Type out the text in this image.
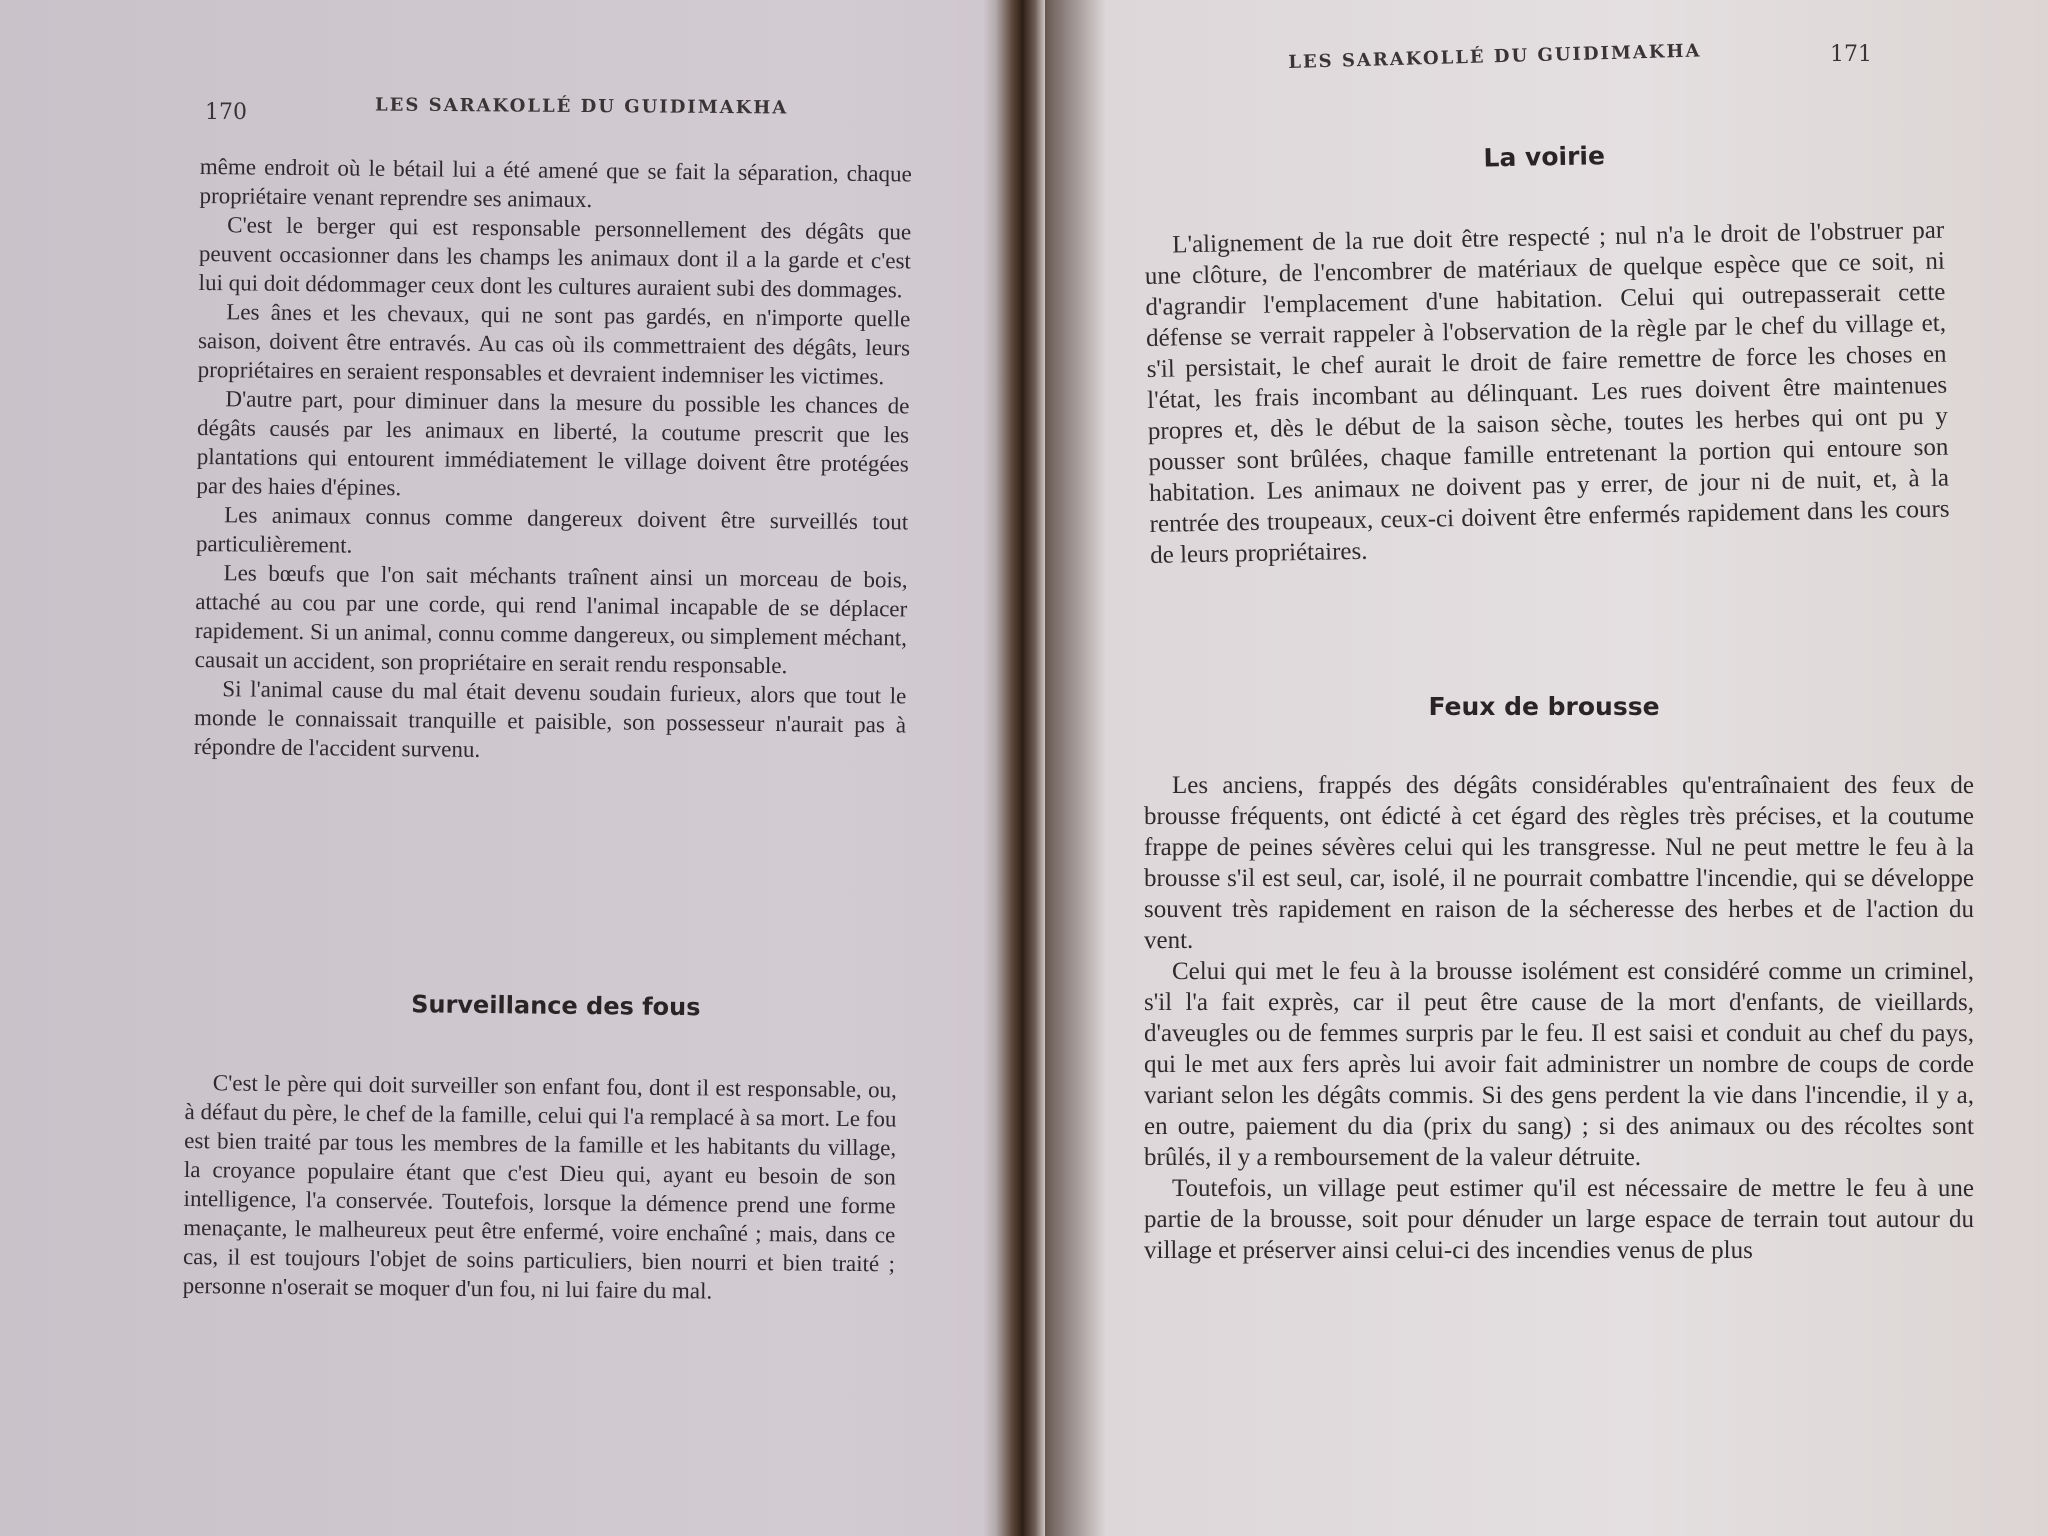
170	LES SARAKOLLÉ DU GUIDIMAKHA

même endroit où le bétail lui a été amené que se fait la séparation, chaque propriétaire venant reprendre ses animaux.

C'est le berger qui est responsable personnellement des dégâts que peuvent occasionner dans les champs les animaux dont il a la garde et c'est lui qui doit dédommager ceux dont les cultures auraient subi des dommages.

Les ânes et les chevaux, qui ne sont pas gardés, en n'importe quelle saison, doivent être entravés. Au cas où ils commettraient des dégâts, leurs propriétaires en seraient responsables et devraient indemniser les victimes.

D'autre part, pour diminuer dans la mesure du possible les chances de dégâts causés par les animaux en liberté, la coutume prescrit que les plantations qui entourent immédiatement le village doivent être protégées par des haies d'épines.

Les animaux connus comme dangereux doivent être surveillés tout particulièrement.

Les bœufs que l'on sait méchants traînent ainsi un morceau de bois, attaché au cou par une corde, qui rend l'animal incapable de se déplacer rapidement. Si un animal, connu comme dangereux, ou simplement méchant, causait un accident, son propriétaire en serait rendu responsable.

Si l'animal cause du mal était devenu soudain furieux, alors que tout le monde le connaissait tranquille et paisible, son possesseur n'aurait pas à répondre de l'accident survenu.

Surveillance des fous

C'est le père qui doit surveiller son enfant fou, dont il est responsable, ou, à défaut du père, le chef de la famille, celui qui l'a remplacé à sa mort. Le fou est bien traité par tous les membres de la famille et les habitants du village, la croyance populaire étant que c'est Dieu qui, ayant eu besoin de son intelligence, l'a conservée. Toutefois, lorsque la démence prend une forme menaçante, le malheureux peut être enfermé, voire enchaîné ; mais, dans ce cas, il est toujours l'objet de soins particuliers, bien nourri et bien traité ; personne n'oserait se moquer d'un fou, ni lui faire du mal.

LES SARAKOLLÉ DU GUIDIMAKHA	171
La voirie

L'alignement de la rue doit être respecté ; nul n'a le droit de l'obstruer par une clôture, de l'encombrer de matériaux de quelque espèce que ce soit, ni d'agrandir l'emplacement d'une habitation. Celui qui outrepasserait cette défense se verrait rappeler à l'observation de la règle par le chef du village et, s'il persistait, le chef aurait le droit de faire remettre de force les choses en l'état, les frais incombant au délinquant. Les rues doivent être maintenues propres et, dès le début de la saison sèche, toutes les herbes qui ont pu y pousser sont brûlées, chaque famille entretenant la portion qui entoure son habitation. Les animaux ne doivent pas y errer, de jour ni de nuit, et, à la rentrée des troupeaux, ceux-ci doivent être enfermés rapidement dans les cours de leurs propriétaires.

Feux de brousse

Les anciens, frappés des dégâts considérables qu'entraînaient des feux de brousse fréquents, ont édicté à cet égard des règles très précises, et la coutume frappe de peines sévères celui qui les transgresse. Nul ne peut mettre le feu à la brousse s'il est seul, car, isolé, il ne pourrait combattre l'incendie, qui se développe souvent très rapidement en raison de la sécheresse des herbes et de l'action du vent.

Celui qui met le feu à la brousse isolément est considéré comme un criminel, s'il l'a fait exprès, car il peut être cause de la mort d'enfants, de vieillards, d'aveugles ou de femmes surpris par le feu. Il est saisi et conduit au chef du pays, qui le met aux fers après lui avoir fait administrer un nombre de coups de corde variant selon les dégâts commis. Si des gens perdent la vie dans l'incendie, il y a, en outre, paiement du dia (prix du sang) ; si des animaux ou des récoltes sont brûlés, il y a remboursement de la valeur détruite.

Toutefois, un village peut estimer qu'il est nécessaire de mettre le feu à une partie de la brousse, soit pour dénuder un large espace de terrain tout autour du village et préserver ainsi celui-ci des incendies venus de plus
